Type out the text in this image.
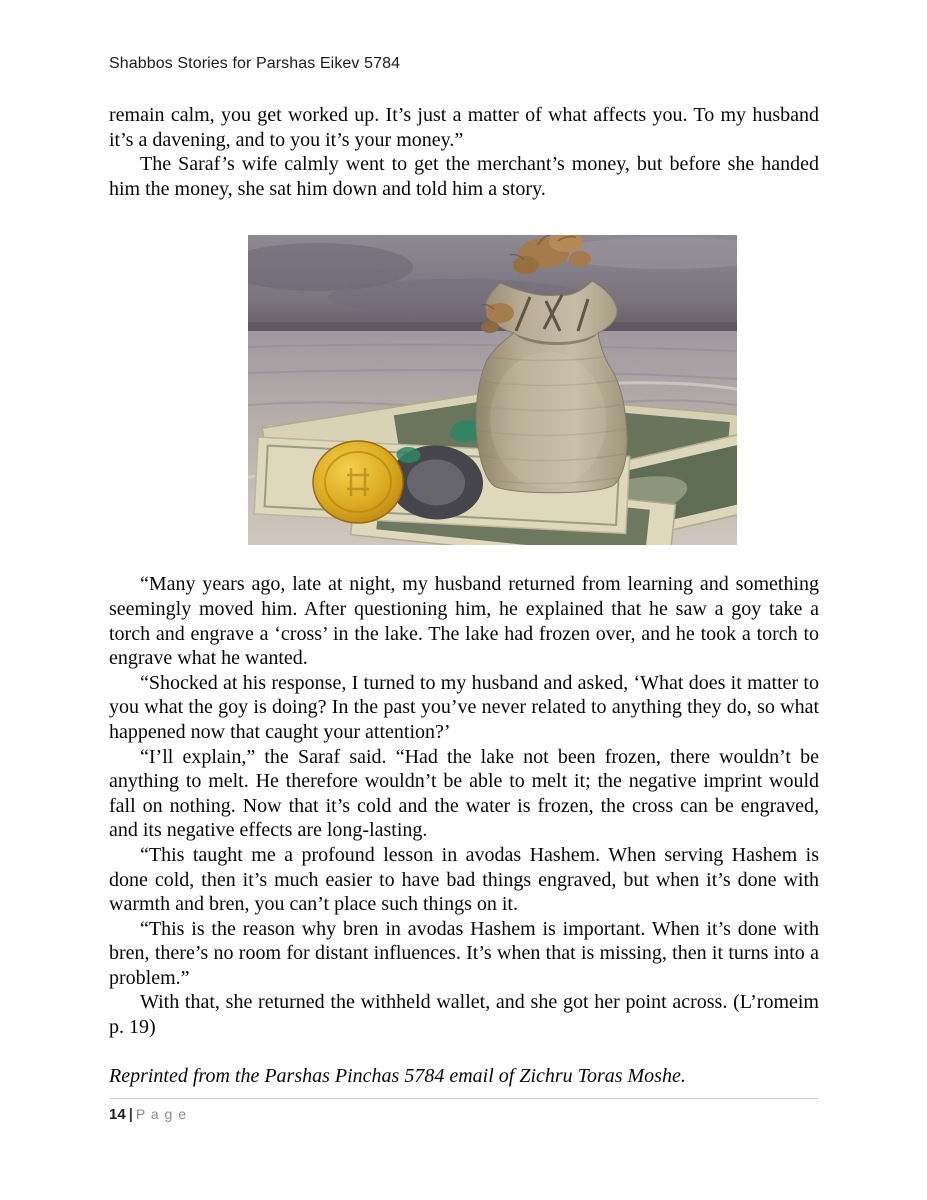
Shabbos Stories for Parshas Eikev 5784

remain calm, you get worked up. It’s just a matter of what affects you. To my husband it’s a davening, and to you it’s your money.”

The Saraf’s wife calmly went to get the merchant’s money, but before she handed him the money, she sat him down and told him a story.

“Many years ago, late at night, my husband returned from learning and something seemingly moved him. After questioning him, he explained that he saw a goy take a torch and engrave a ‘cross’ in the lake. The lake had frozen over, and he took a torch to engrave what he wanted.

“Shocked at his response, I turned to my husband and asked, ‘What does it matter to you what the goy is doing? In the past you’ve never related to anything they do, so what happened now that caught your attention?’

“I’ll explain,” the Saraf said. “Had the lake not been frozen, there wouldn’t be anything to melt. He therefore wouldn’t be able to melt it; the negative imprint would fall on nothing. Now that it’s cold and the water is frozen, the cross can be engraved, and its negative effects are long-lasting.

“This taught me a profound lesson in avodas Hashem. When serving Hashem is done cold, then it’s much easier to have bad things engraved, but when it’s done with warmth and bren, you can’t place such things on it.

“This is the reason why bren in avodas Hashem is important. When it’s done with bren, there’s no room for distant influences. It’s when that is missing, then it turns into a problem.”

With that, she returned the withheld wallet, and she got her point across. (L’romeim p. 19)

Reprinted from the Parshas Pinchas 5784 email of Zichru Toras Moshe.

14 | P a g e
